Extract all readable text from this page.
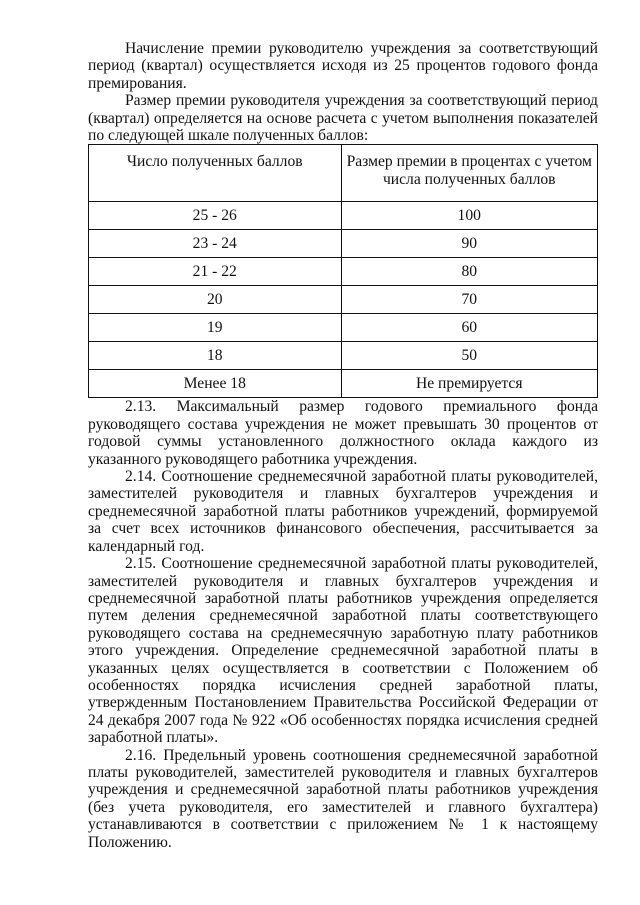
Начисление премии руководителю учреждения за соответствующий период (квартал) осуществляется исходя из 25 процентов годового фонда премирования.

Размер премии руководителя учреждения за соответствующий период (квартал) определяется на основе расчета с учетом выполнения показателей по следующей шкале полученных баллов:

Число полученных баллов	Размер премии в процентах с учетом числа полученных баллов
25 - 26	100
23 - 24	90
21 - 22	80
20	70
19	60
18	50
Менее 18	Не премируется

2.13. Максимальный размер годового премиального фонда руководящего состава учреждения не может превышать 30 процентов от годовой суммы установленного должностного оклада каждого из указанного руководящего работника учреждения.

2.14. Соотношение среднемесячной заработной платы руководителей, заместителей руководителя и главных бухгалтеров учреждения и среднемесячной заработной платы работников учреждений, формируемой за счет всех источников финансового обеспечения, рассчитывается за календарный год.

2.15. Соотношение среднемесячной заработной платы руководителей, заместителей руководителя и главных бухгалтеров учреждения и среднемесячной заработной платы работников учреждения определяется путем деления среднемесячной заработной платы соответствующего руководящего состава на среднемесячную заработную плату работников этого учреждения. Определение среднемесячной заработной платы в указанных целях осуществляется в соответствии с Положением об особенностях порядка исчисления средней заработной платы, утвержденным Постановлением Правительства Российской Федерации от 24 декабря 2007 года № 922 «Об особенностях порядка исчисления средней заработной платы».

2.16. Предельный уровень соотношения среднемесячной заработной платы руководителей, заместителей руководителя и главных бухгалтеров учреждения и среднемесячной заработной платы работников учреждения (без учета руководителя, его заместителей и главного бухгалтера) устанавливаются в соответствии с приложением № 1 к настоящему Положению.
